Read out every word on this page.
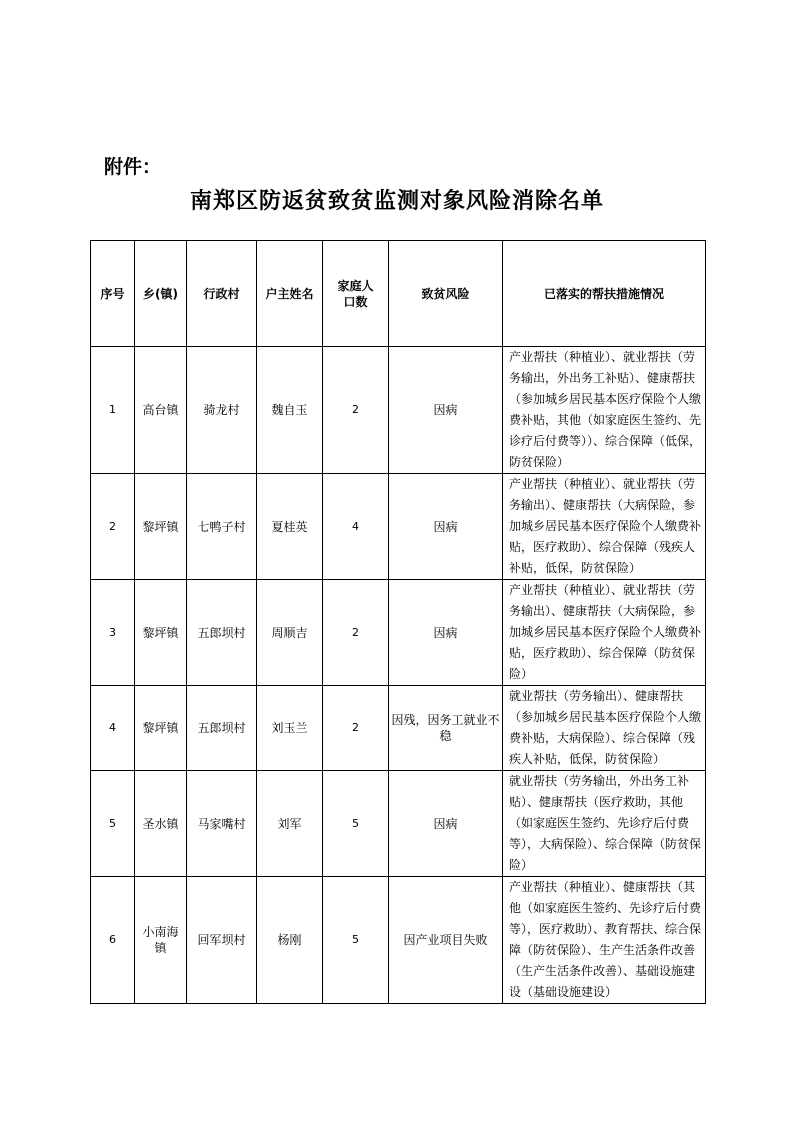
附件：
南郑区防返贫致贫监测对象风险消除名单
序号	乡(镇)	行政村	户主姓名	家庭人口数	致贫风险	已落实的帮扶措施情况
1	高台镇	骑龙村	魏自玉	2	因病	产业帮扶（种植业）、就业帮扶（劳务输出，外出务工补贴）、健康帮扶（参加城乡居民基本医疗保险个人缴费补贴，其他（如家庭医生签约、先诊疗后付费等））、综合保障（低保，防贫保险）
2	黎坪镇	七鸭子村	夏桂英	4	因病	产业帮扶（种植业）、就业帮扶（劳务输出）、健康帮扶（大病保险，参加城乡居民基本医疗保险个人缴费补贴，医疗救助）、综合保障（残疾人补贴，低保，防贫保险）
3	黎坪镇	五郎坝村	周顺吉	2	因病	产业帮扶（种植业）、就业帮扶（劳务输出）、健康帮扶（大病保险，参加城乡居民基本医疗保险个人缴费补贴，医疗救助）、综合保障（防贫保险）
4	黎坪镇	五郎坝村	刘玉兰	2	因残，因务工就业不稳	就业帮扶（劳务输出）、健康帮扶（参加城乡居民基本医疗保险个人缴费补贴，大病保险）、综合保障（残疾人补贴，低保，防贫保险）
5	圣水镇	马家嘴村	刘军	5	因病	就业帮扶（劳务输出，外出务工补贴）、健康帮扶（医疗救助，其他（如家庭医生签约、先诊疗后付费等），大病保险）、综合保障（防贫保险）
6	小南海镇	回军坝村	杨刚	5	因产业项目失败	产业帮扶（种植业）、健康帮扶（其他（如家庭医生签约、先诊疗后付费等），医疗救助）、教育帮扶、综合保障（防贫保险）、生产生活条件改善（生产生活条件改善）、基础设施建设（基础设施建设）
